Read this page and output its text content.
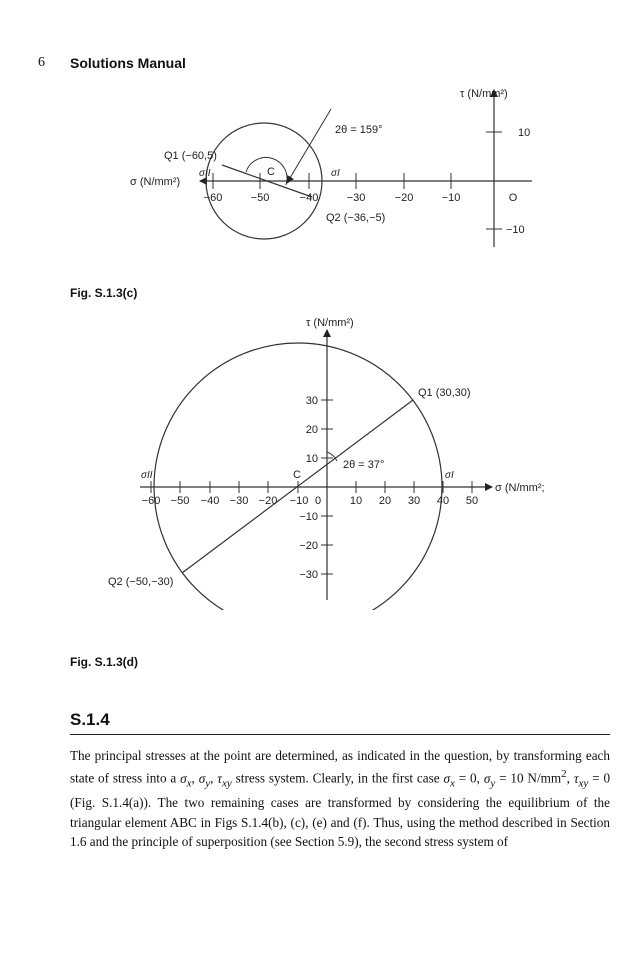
6 Solutions Manual
τ (N/mm²)
σ (N/mm²)
2θ = 159°
C	σI
σII
Q1 (−60,5)
Q2 (−36,−5)
−60	−50	−40	−30	−20	−10	O
10
−10
Fig. S.1.3(c)
τ (N/mm²)
σ (N/mm²;
2θ = 37°
C	σI
σII
Q1 (30,30)
Q2 (−50,−30)
−60 −50 −40 −30 −20 −10 0	10 20 30 40 50
30
20
10
−10
−20
−30
Fig. S.1.3(d)
S.1.4
The principal stresses at the point are determined, as indicated in the question, by transforming each state of stress into a $\sigma_x$, $\sigma_y$, $\tau_{xy}$ stress system. Clearly, in the first case $\sigma_x = 0$, $\sigma_y = 10$ $N/mm^2$, $\tau_{xy} = 0$ (Fig. S.1.4(a)). The two remaining cases are transformed by considering the equilibrium of the triangular element ABC in Figs S.1.4(b), (c), (e) and (f). Thus, using the method described in Section 1.6 and the principle of superposition (see Section 5.9), the second stress system of
